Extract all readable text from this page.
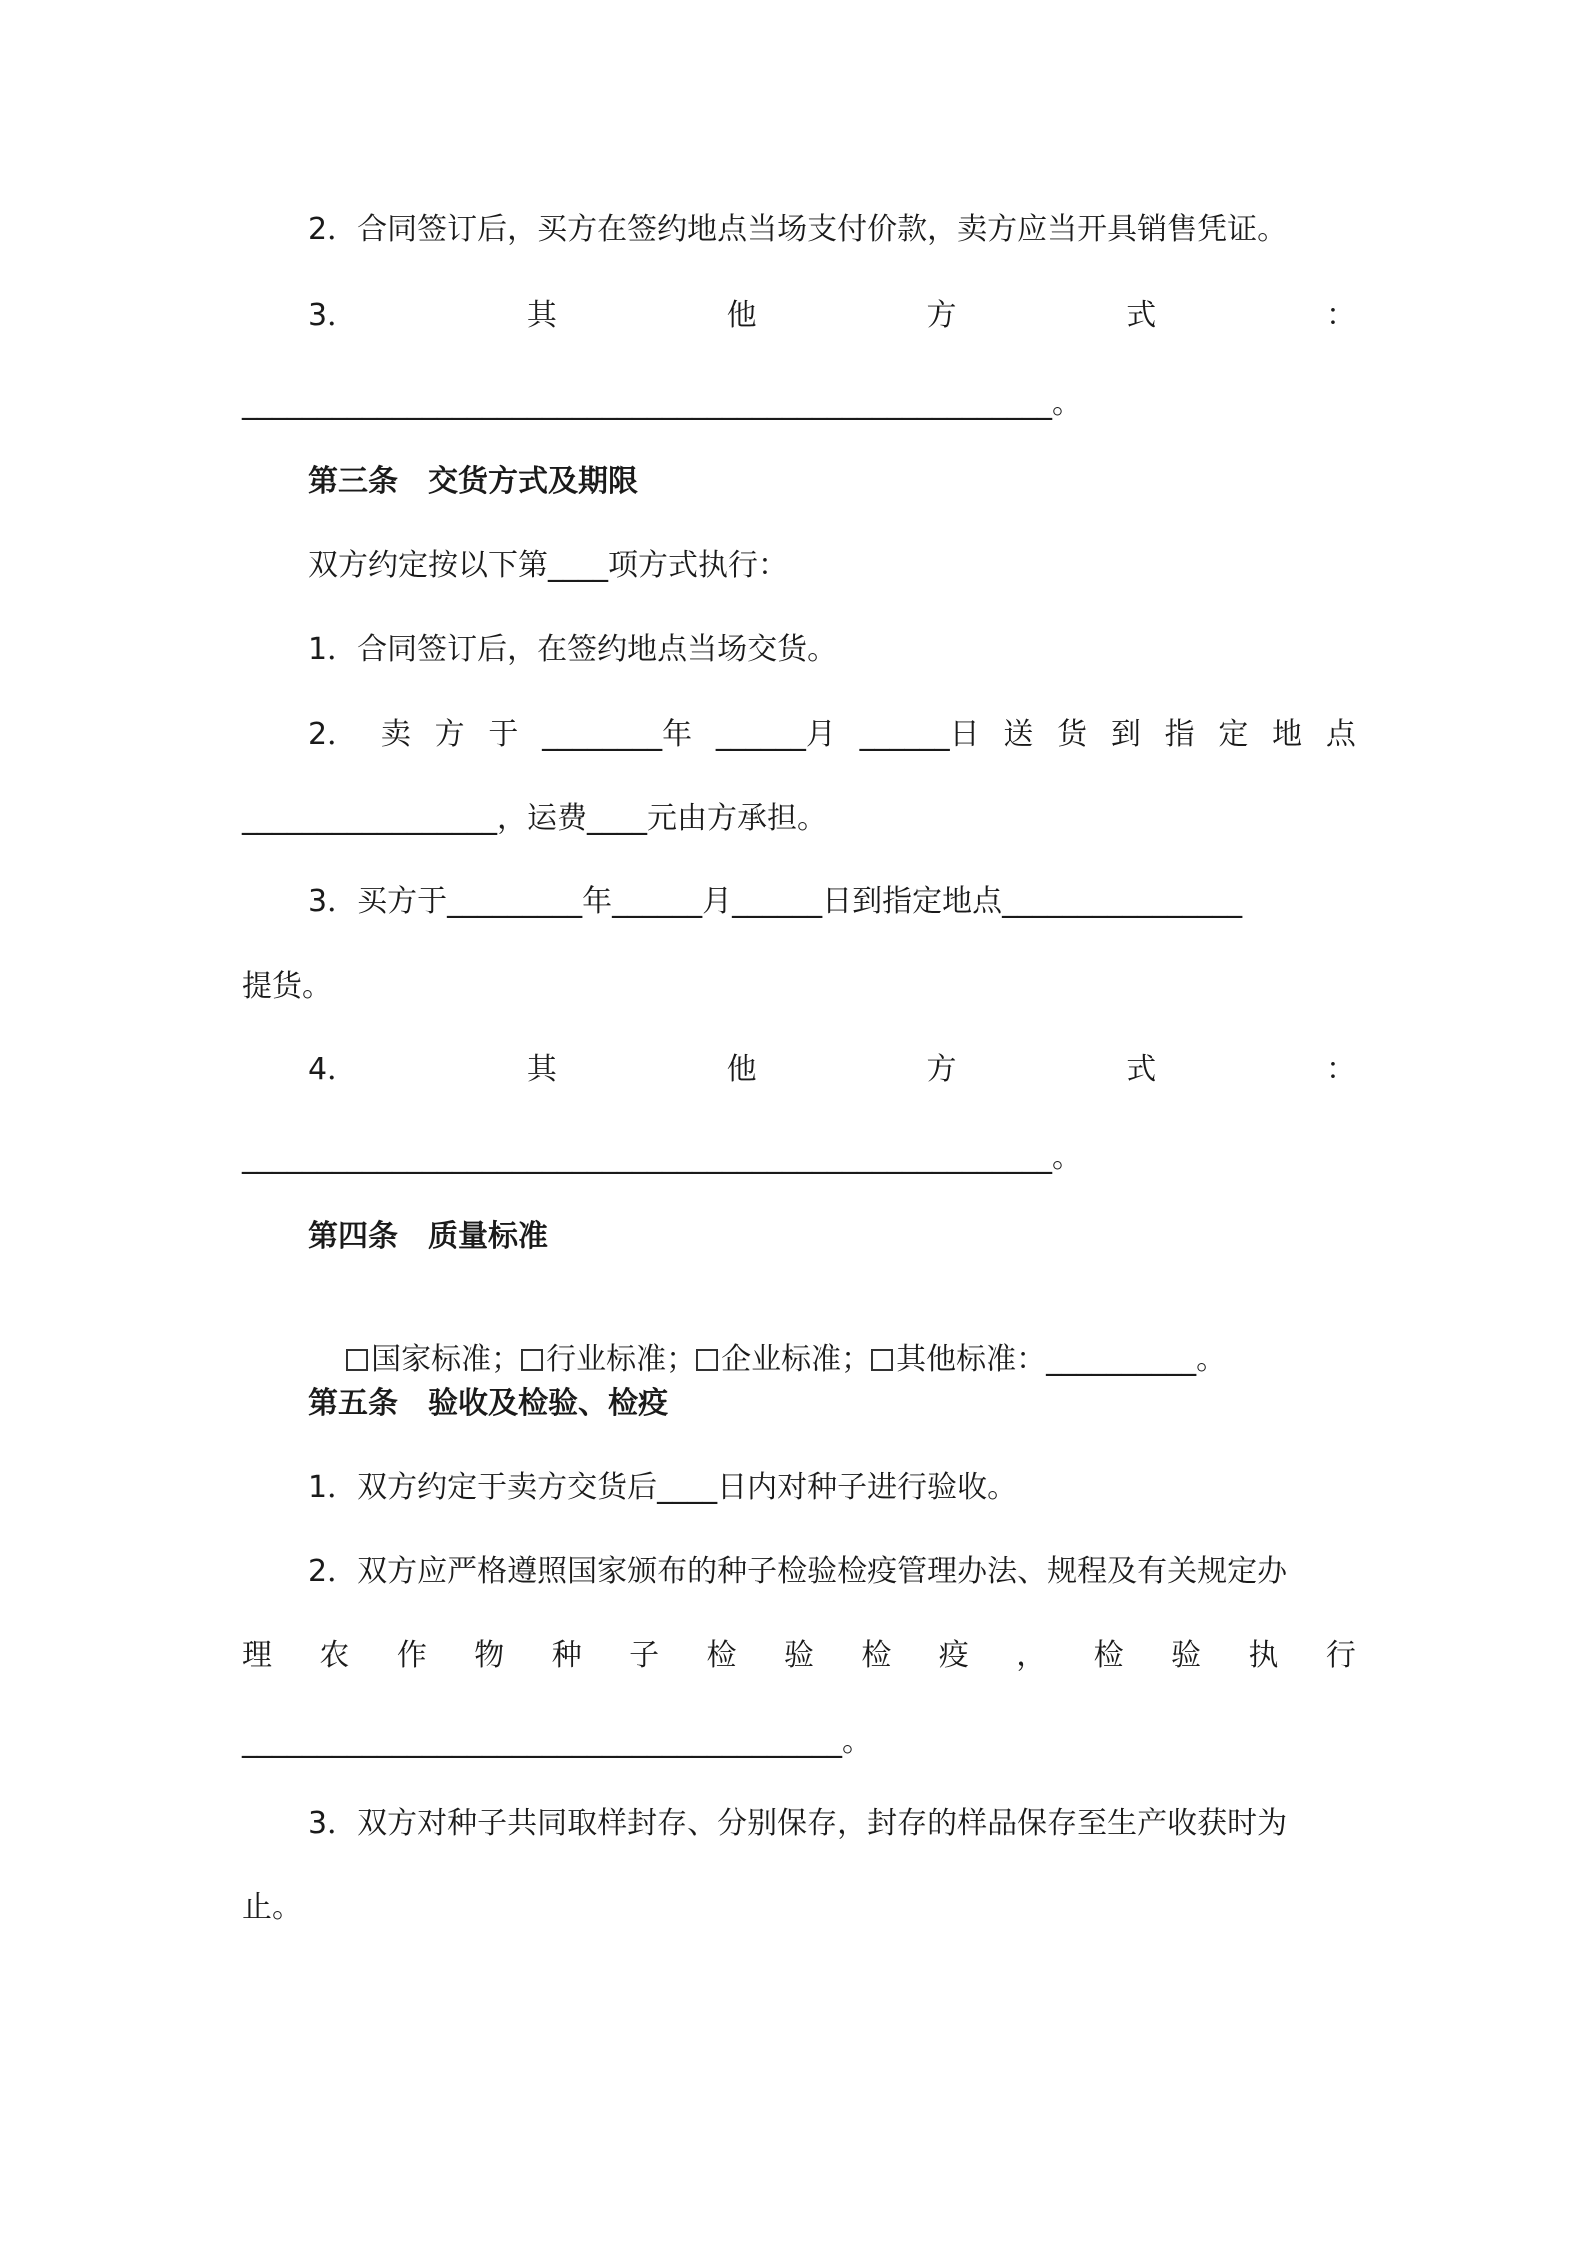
2．合同签订后，买方在签约地点当场支付价款，卖方应当开具销售凭证。
3．	其	他	方	式	：
______________________________________________________。
第三条　交货方式及期限
双方约定按以下第____项方式执行：
1．合同签订后，在签约地点当场交货。
2． 卖 方 于 ________年 ______月 ______日 送 货 到 指 定 地 点
_________________，运费____元由方承担。
3．买方于_________年______月______日到指定地点________________
提货。
4．	其	他	方	式	：
______________________________________________________。
第四条　质量标准

国家标准； 行业标准； 企业标准； 其他标准：__________。

第五条　验收及检验、检疫
1．双方约定于卖方交货后____日内对种子进行验收。
2．双方应严格遵照国家颁布的种子检验检疫管理办法、规程及有关规定办
理 农 作 物 种 子 检 验 检 疫 ， 检 验 执 行
________________________________________。
3．双方对种子共同取样封存、分别保存，封存的样品保存至生产收获时为
止。
